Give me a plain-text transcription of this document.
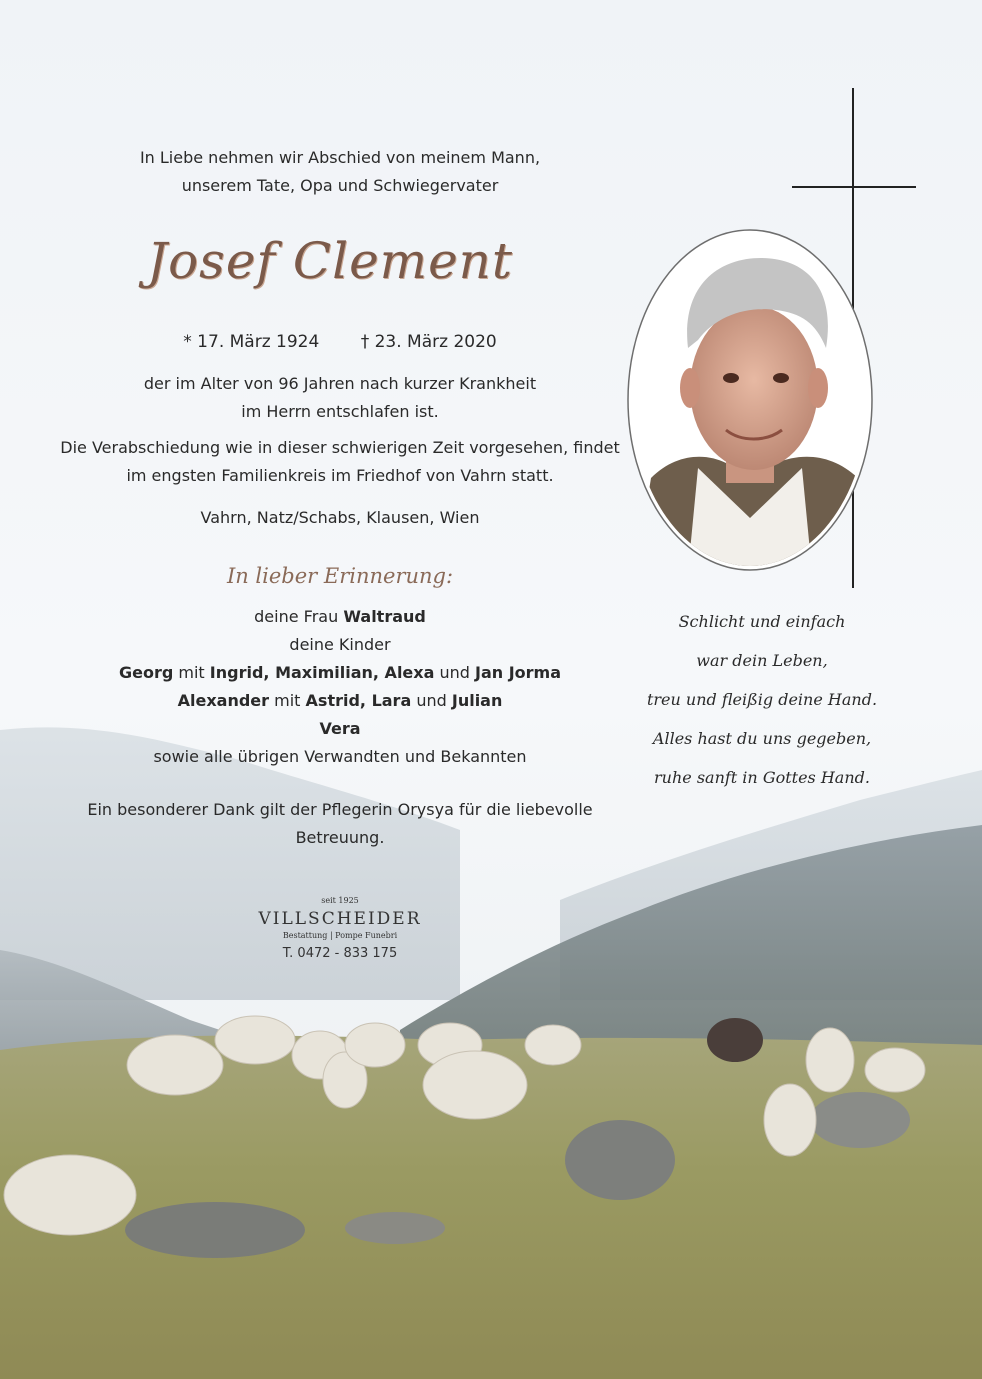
In Liebe nehmen wir Abschied von meinem Mann,
unserem Tate, Opa und Schwiegervater
Josef Clement
* 17. März 1924 † 23. März 2020
der im Alter von 96 Jahren nach kurzer Krankheit
im Herrn entschlafen ist.
Die Verabschiedung wie in dieser schwierigen Zeit vorgesehen, findet
im engsten Familienkreis im Friedhof von Vahrn statt.
Vahrn, Natz/Schabs, Klausen, Wien
In lieber Erinnerung:
deine Frau Waltraud
deine Kinder
Georg mit Ingrid, Maximilian, Alexa und Jan Jorma
Alexander mit Astrid, Lara und Julian
Vera
sowie alle übrigen Verwandten und Bekannten
Ein besonderer Dank gilt der Pflegerin Orysya für die liebevolle
Betreuung.
seit 1925
VILLSCHEIDER
Bestattung | Pompe Funebri
T. 0472 - 833 175
Schlicht und einfach
war dein Leben,
treu und fleißig deine Hand.
Alles hast du uns gegeben,
ruhe sanft in Gottes Hand.
